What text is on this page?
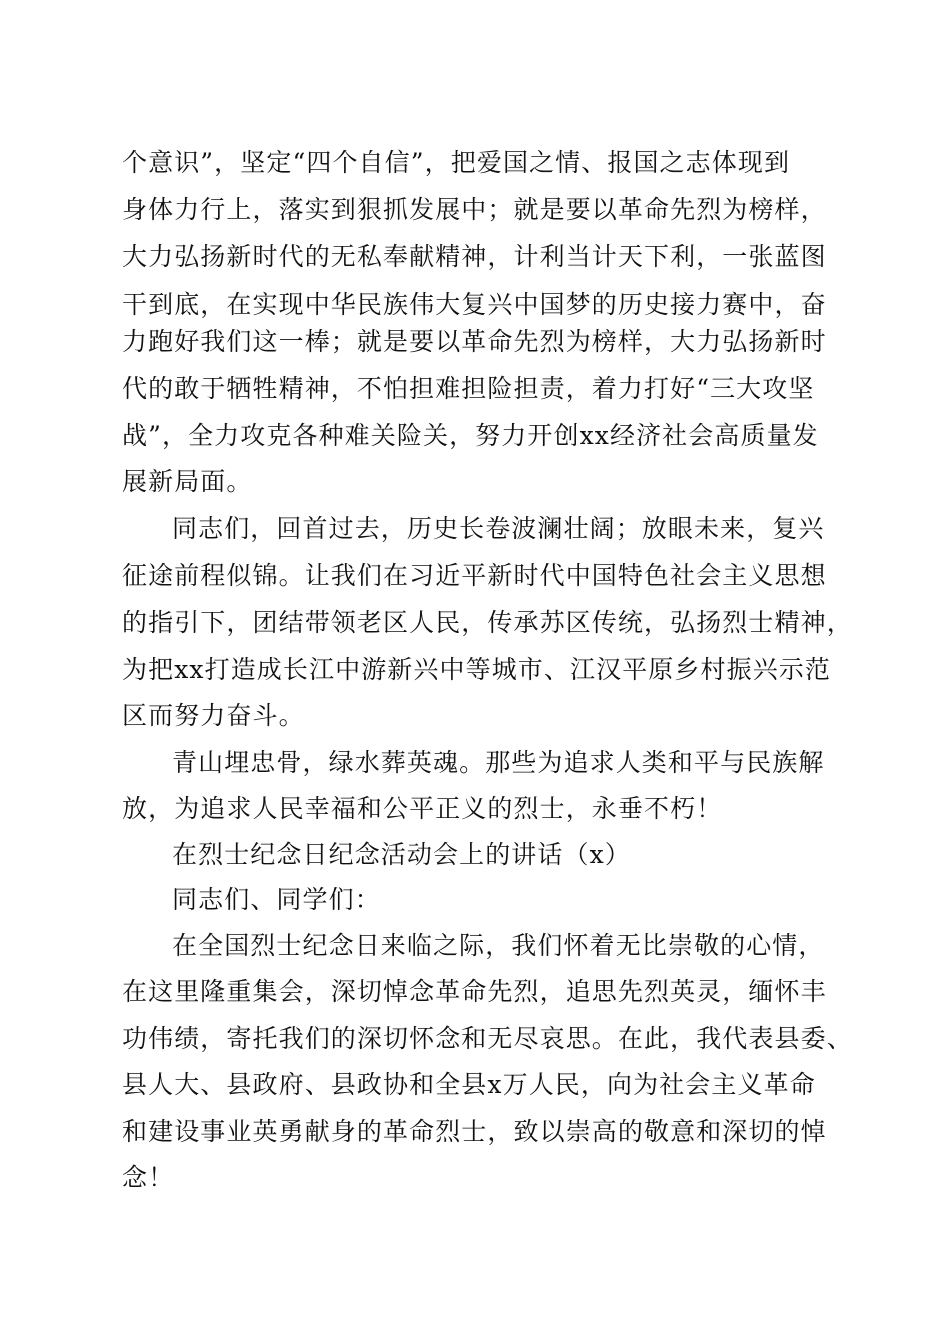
个意识”，坚定“四个自信”，把爱国之情、报国之志体现到
身体力行上，落实到狠抓发展中；就是要以革命先烈为榜样，
大力弘扬新时代的无私奉献精神，计利当计天下利，一张蓝图
干到底，在实现中华民族伟大复兴中国梦的历史接力赛中，奋
力跑好我们这一棒；就是要以革命先烈为榜样，大力弘扬新时
代的敢于牺牲精神，不怕担难担险担责，着力打好“三大攻坚
战”，全力攻克各种难关险关，努力开创xx经济社会高质量发
展新局面。
同志们，回首过去，历史长卷波澜壮阔；放眼未来，复兴
征途前程似锦。让我们在习近平新时代中国特色社会主义思想
的指引下，团结带领老区人民，传承苏区传统，弘扬烈士精神，
为把xx打造成长江中游新兴中等城市、江汉平原乡村振兴示范
区而努力奋斗。
青山埋忠骨，绿水葬英魂。那些为追求人类和平与民族解
放，为追求人民幸福和公平正义的烈士，永垂不朽！
在烈士纪念日纪念活动会上的讲话（x）
同志们、同学们：
在全国烈士纪念日来临之际，我们怀着无比崇敬的心情，
在这里隆重集会，深切悼念革命先烈，追思先烈英灵，缅怀丰
功伟绩，寄托我们的深切怀念和无尽哀思。在此，我代表县委、
县人大、县政府、县政协和全县x万人民，向为社会主义革命
和建设事业英勇献身的革命烈士，致以崇高的敬意和深切的悼
念！
